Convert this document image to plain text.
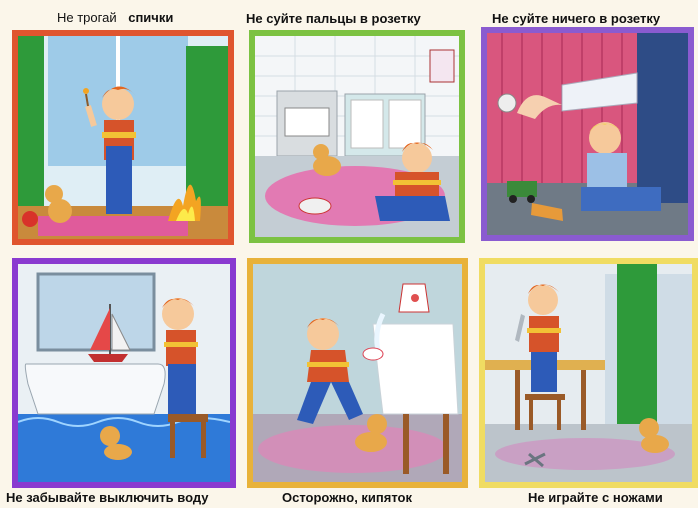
Не трогай спички	Не суйте пальцы в розетку	Не суйте ничего в розетку
Не забывайте выключить воду	Осторожно, кипяток	Не играйте с ножами
